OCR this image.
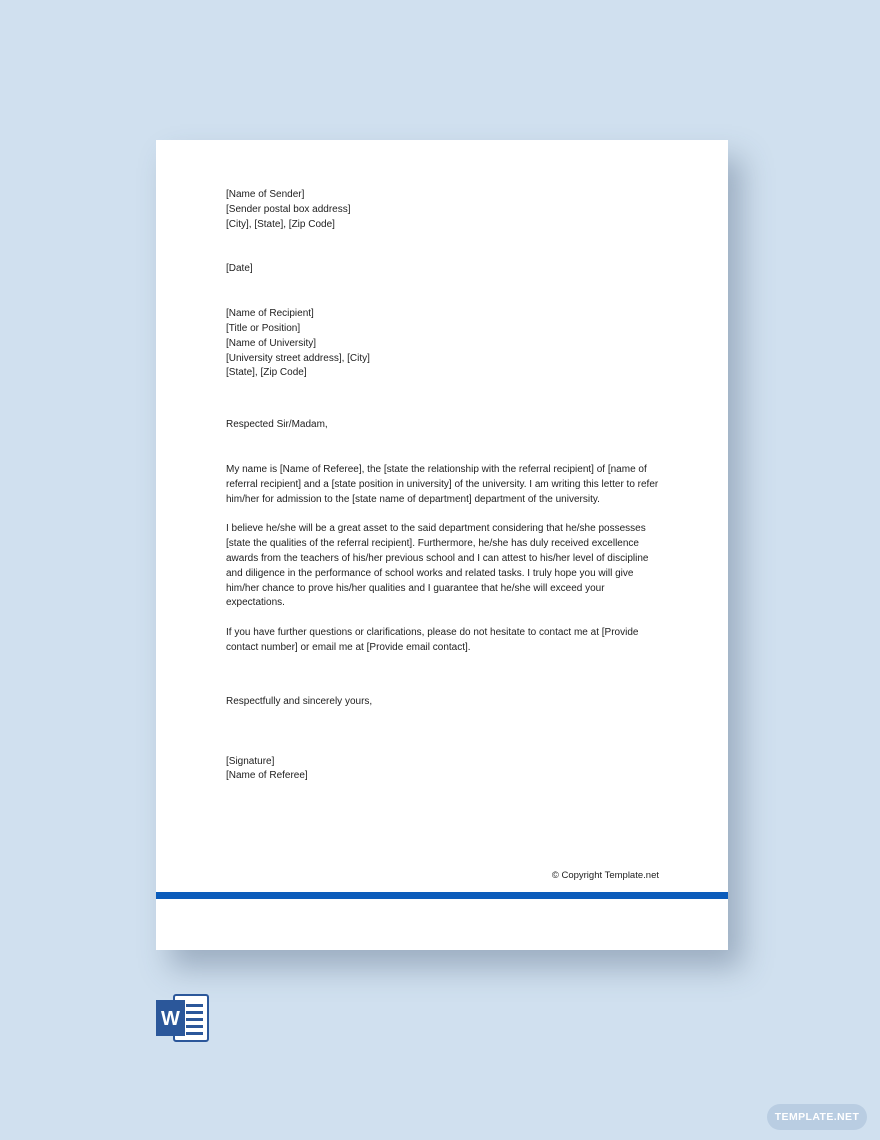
[Name of Sender]

[Sender postal box address]

[City], [State], [Zip Code]

[Date]

[Name of Recipient]

[Title or Position]

[Name of University]

[University street address], [City]

[State], [Zip Code]

Respected Sir/Madam,

My name is [Name of Referee], the [state the relationship with the referral recipient] of [name of referral recipient] and a [state position in university] of the university. I am writing this letter to refer him/her for admission to the [state name of department] department of the university.

I believe he/she will be a great asset to the said department considering that he/she possesses [state the qualities of the referral recipient]. Furthermore, he/she has duly received excellence awards from the teachers of his/her previous school and I can attest to his/her level of discipline and diligence in the performance of school works and related tasks. I truly hope you will give him/her chance to prove his/her qualities and I guarantee that he/she will exceed your expectations.

If you have further questions or clarifications, please do not hesitate to contact me at [Provide contact number] or email me at [Provide email contact].

Respectfully and sincerely yours,

[Signature]

[Name of Referee]

© Copyright Template.net
W
TEMPLATE.NET
